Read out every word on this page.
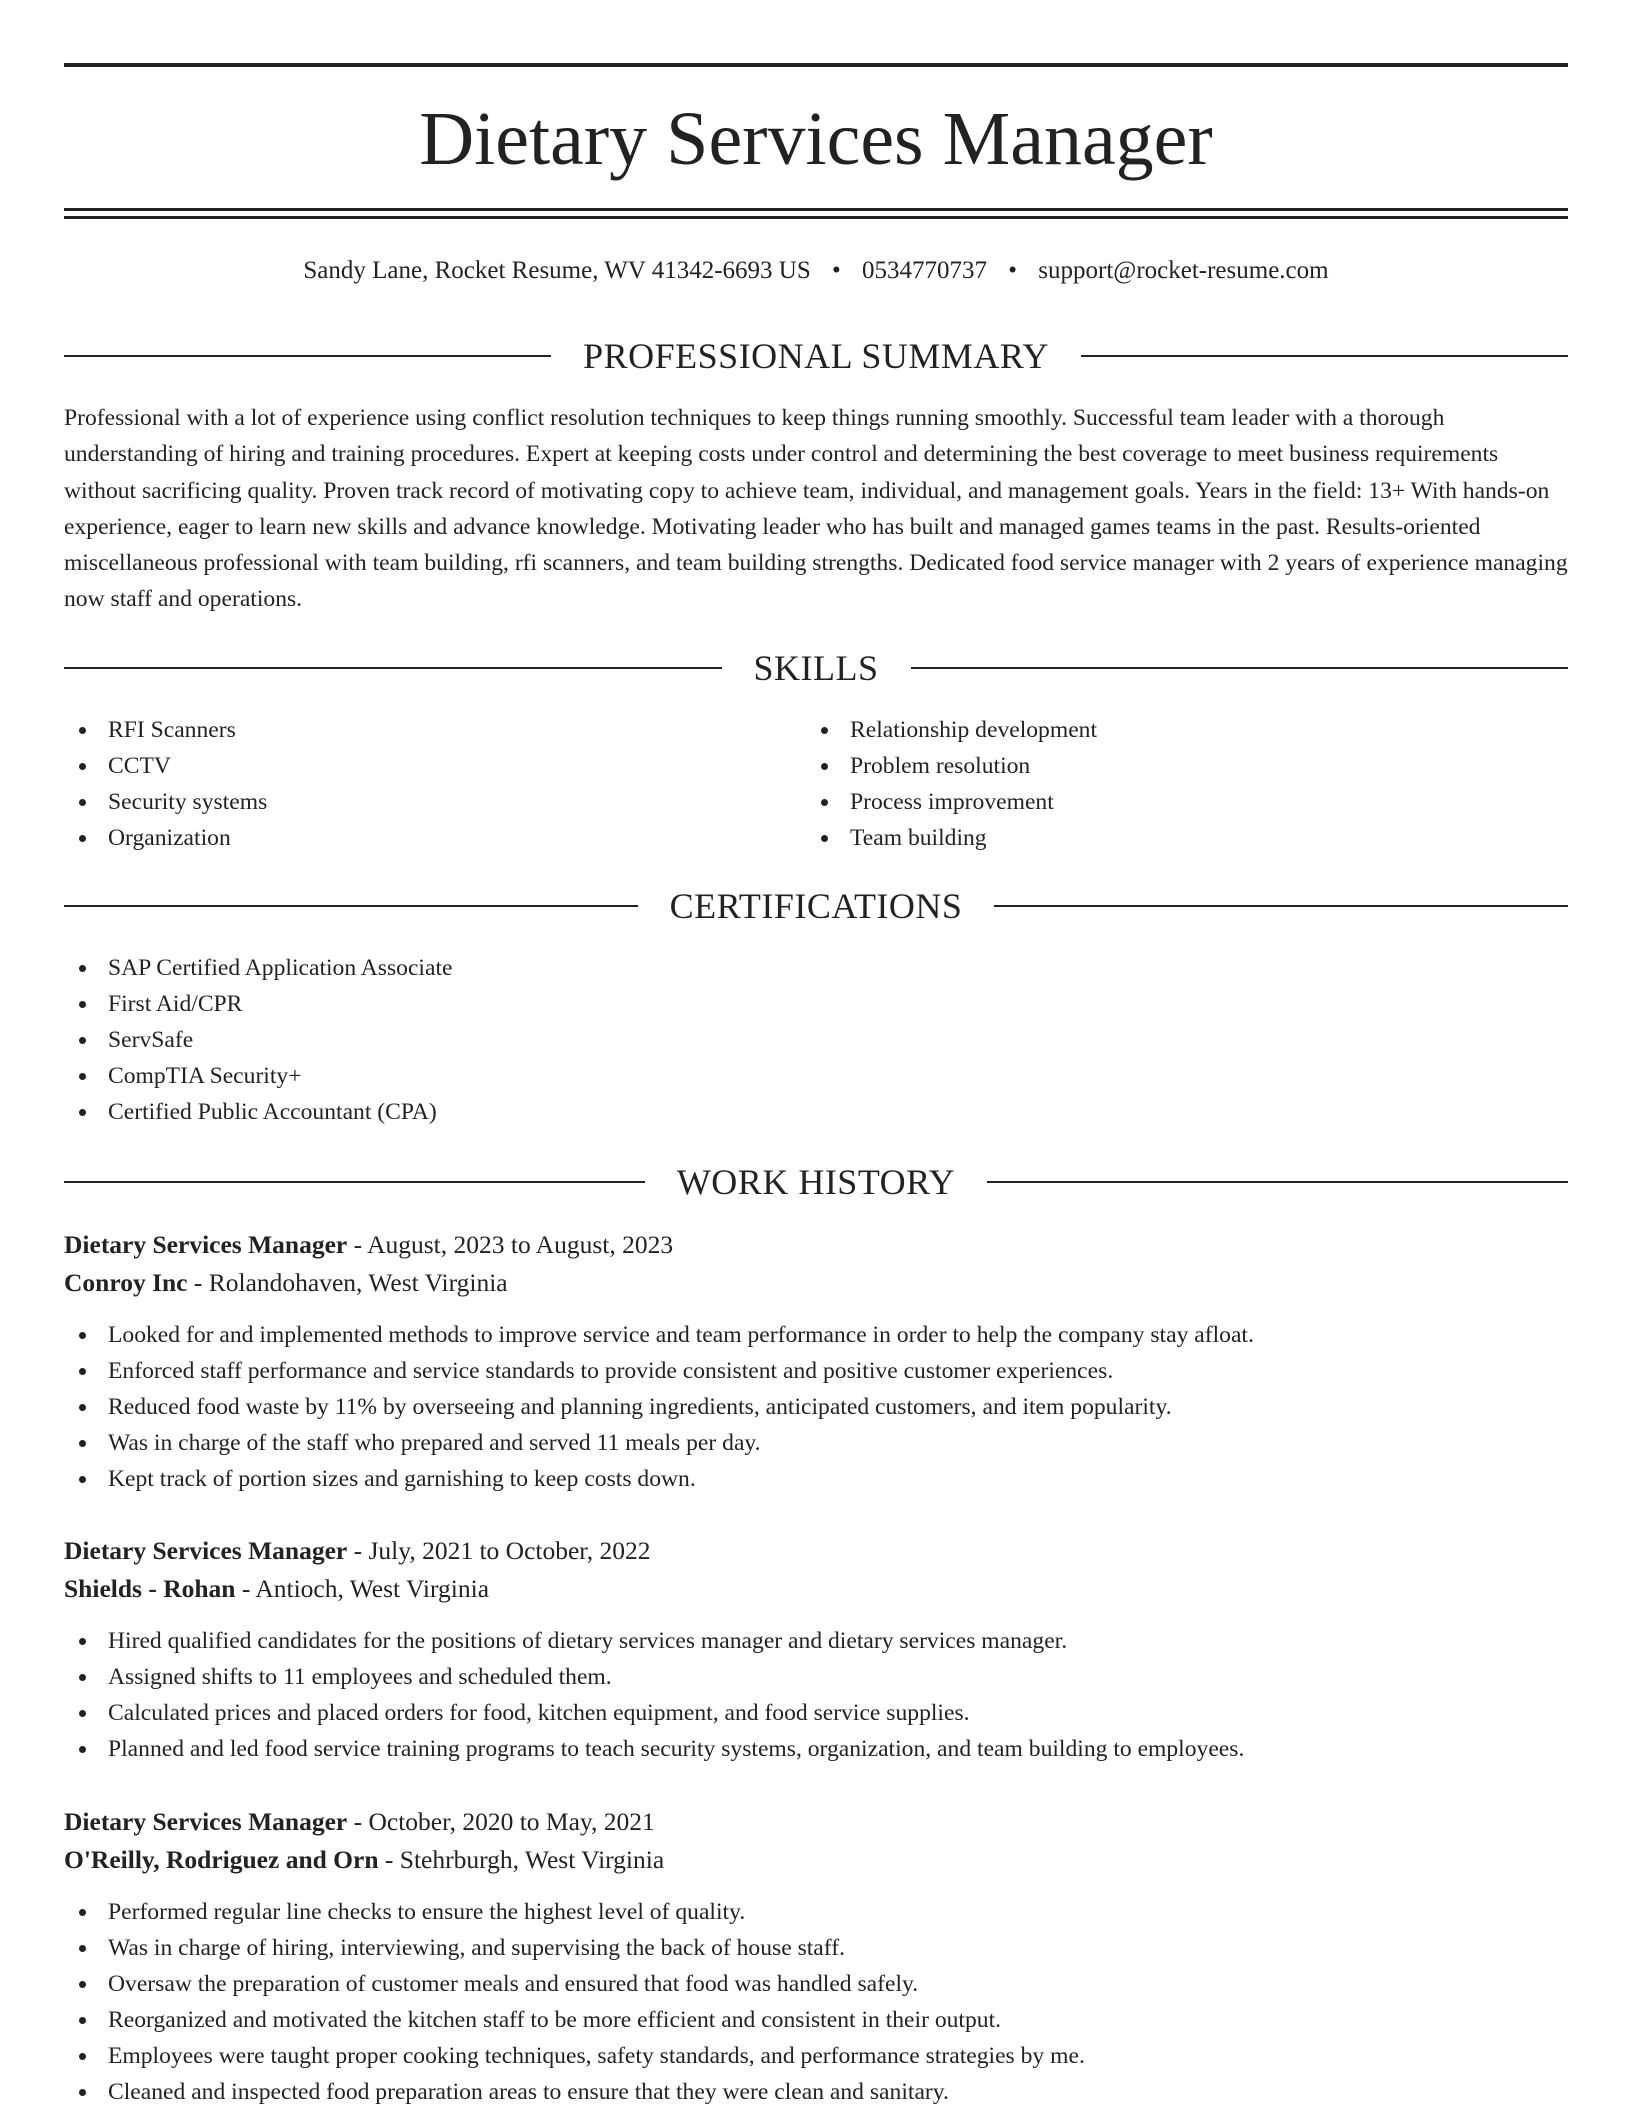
Dietary Services Manager
Sandy Lane, Rocket Resume, WV 41342-6693 US • 0534770737 • support@rocket-resume.com
PROFESSIONAL SUMMARY

Professional with a lot of experience using conflict resolution techniques to keep things running smoothly. Successful team leader with a thorough understanding of hiring and training procedures. Expert at keeping costs under control and determining the best coverage to meet business requirements without sacrificing quality. Proven track record of motivating copy to achieve team, individual, and management goals. Years in the field: 13+ With hands-on experience, eager to learn new skills and advance knowledge. Motivating leader who has built and managed games teams in the past. Results-oriented miscellaneous professional with team building, rfi scanners, and team building strengths. Dedicated food service manager with 2 years of experience managing now staff and operations.

SKILLS
RFI Scanners
CCTV
Security systems
Organization
Relationship development
Problem resolution
Process improvement
Team building
CERTIFICATIONS
SAP Certified Application Associate
First Aid/CPR
ServSafe
CompTIA Security+
Certified Public Accountant (CPA)
WORK HISTORY
Dietary Services Manager - August, 2023 to August, 2023
Conroy Inc - Rolandohaven, West Virginia
Looked for and implemented methods to improve service and team performance in order to help the company stay afloat.
Enforced staff performance and service standards to provide consistent and positive customer experiences.
Reduced food waste by 11% by overseeing and planning ingredients, anticipated customers, and item popularity.
Was in charge of the staff who prepared and served 11 meals per day.
Kept track of portion sizes and garnishing to keep costs down.
Dietary Services Manager - July, 2021 to October, 2022
Shields - Rohan - Antioch, West Virginia
Hired qualified candidates for the positions of dietary services manager and dietary services manager.
Assigned shifts to 11 employees and scheduled them.
Calculated prices and placed orders for food, kitchen equipment, and food service supplies.
Planned and led food service training programs to teach security systems, organization, and team building to employees.
Dietary Services Manager - October, 2020 to May, 2021
O'Reilly, Rodriguez and Orn - Stehrburgh, West Virginia
Performed regular line checks to ensure the highest level of quality.
Was in charge of hiring, interviewing, and supervising the back of house staff.
Oversaw the preparation of customer meals and ensured that food was handled safely.
Reorganized and motivated the kitchen staff to be more efficient and consistent in their output.
Employees were taught proper cooking techniques, safety standards, and performance strategies by me.
Cleaned and inspected food preparation areas to ensure that they were clean and sanitary.
